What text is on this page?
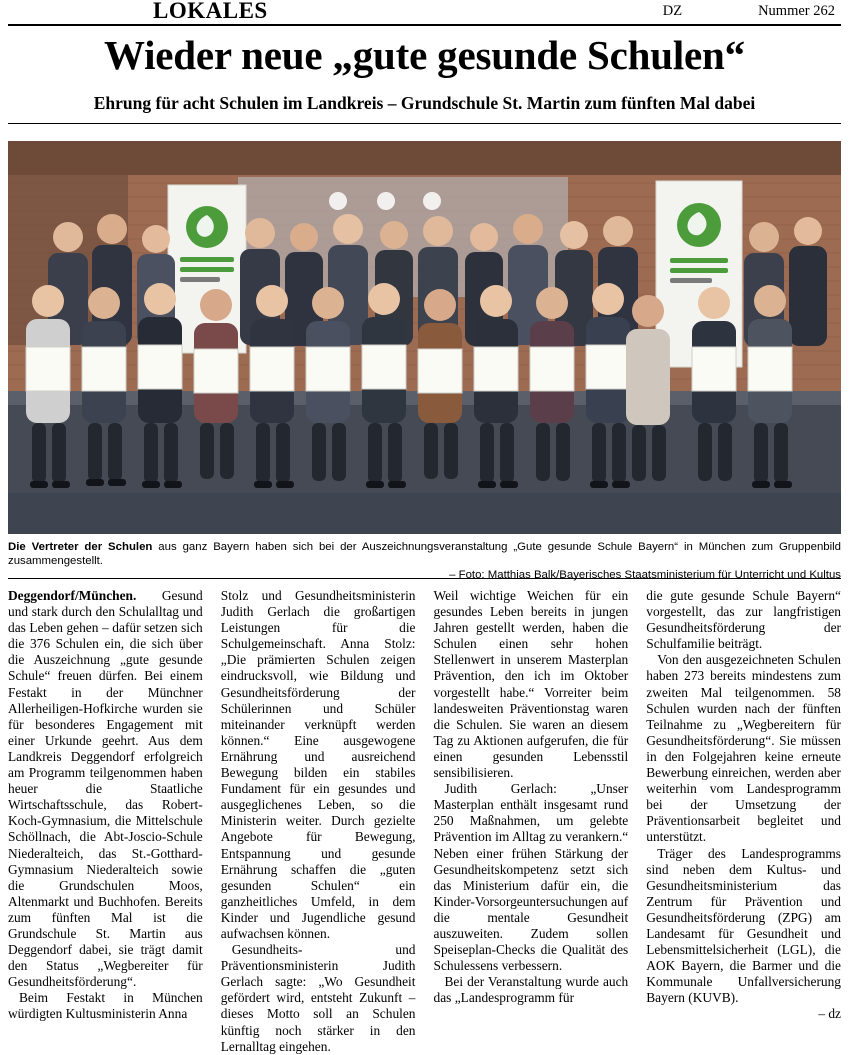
LOKALES	DZ	Nummer 262
Wieder neue „gute gesunde Schulen“
Ehrung für acht Schulen im Landkreis – Grundschule St. Martin zum fünften Mal dabei
Die Vertreter der Schulen aus ganz Bayern haben sich bei der Auszeichnungsveranstaltung „Gute gesunde Schule Bayern“ in München zum Gruppenbild zusammengestellt.
– Foto: Matthias Balk/Bayerisches Staatsministerium für Unterricht und Kultus

Deggendorf/München. Gesund und stark durch den Schulalltag und das Leben gehen – dafür setzen sich die 376 Schulen ein, die sich über die Auszeichnung „gute gesunde Schule“ freuen dürfen. Bei einem Festakt in der Münchner Allerheiligen-Hofkirche wurden sie für besonderes Engagement mit einer Urkunde geehrt. Aus dem Landkreis Deggendorf erfolgreich am Programm teilgenommen haben heuer die Staatliche Wirtschaftsschule, das Robert-Koch-Gymnasium, die Mittelschule Schöllnach, die Abt-Joscio-Schule Niederalteich, das St.-Gotthard-Gymnasium Niederalteich sowie die Grundschulen Moos, Altenmarkt und Buchhofen. Bereits zum fünften Mal ist die Grundschule St. Martin aus Deggendorf dabei, sie trägt damit den Status „Wegbereiter für Gesundheitsförderung“.

Beim Festakt in München würdigten Kultusministerin Anna

Stolz und Gesundheitsministerin Judith Gerlach die großartigen Leistungen für die Schulgemeinschaft. Anna Stolz: „Die prämierten Schulen zeigen eindrucksvoll, wie Bildung und Gesundheitsförderung der Schülerinnen und Schüler miteinander verknüpft werden können.“ Eine ausgewogene Ernährung und ausreichend Bewegung bilden ein stabiles Fundament für ein gesundes und ausgeglichenes Leben, so die Ministerin weiter. Durch gezielte Angebote für Bewegung, Entspannung und gesunde Ernährung schaffen die „guten gesunden Schulen“ ein ganzheitliches Umfeld, in dem Kinder und Jugendliche gesund aufwachsen können.

Gesundheits- und Präventionsministerin Judith Gerlach sagte: „Wo Gesundheit gefördert wird, entsteht Zukunft – dieses Motto soll an Schulen künftig noch stärker in den Lernalltag eingehen.

Weil wichtige Weichen für ein gesundes Leben bereits in jungen Jahren gestellt werden, haben die Schulen einen sehr hohen Stellenwert in unserem Masterplan Prävention, den ich im Oktober vorgestellt habe.“ Vorreiter beim landesweiten Präventionstag waren die Schulen. Sie waren an diesem Tag zu Aktionen aufgerufen, die für einen gesunden Lebensstil sensibilisieren.

Judith Gerlach: „Unser Masterplan enthält insgesamt rund 250 Maßnahmen, um gelebte Prävention im Alltag zu verankern.“ Neben einer frühen Stärkung der Gesundheitskompetenz setzt sich das Ministerium dafür ein, die Kinder-Vorsorgeuntersuchungen auf die mentale Gesundheit auszuweiten. Zudem sollen Speiseplan-Checks die Qualität des Schulessens verbessern.

Bei der Veranstaltung wurde auch das „Landesprogramm für

die gute gesunde Schule Bayern“ vorgestellt, das zur langfristigen Gesundheitsförderung der Schulfamilie beiträgt.

Von den ausgezeichneten Schulen haben 273 bereits mindestens zum zweiten Mal teilgenommen. 58 Schulen wurden nach der fünften Teilnahme zu „Wegbereitern für Gesundheitsförderung“. Sie müssen in den Folgejahren keine erneute Bewerbung einreichen, werden aber weiterhin vom Landesprogramm bei der Umsetzung der Präventionsarbeit begleitet und unterstützt.

Träger des Landesprogramms sind neben dem Kultus- und Gesundheitsministerium das Zentrum für Prävention und Gesundheitsförderung (ZPG) am Landesamt für Gesundheit und Lebensmittelsicherheit (LGL), die AOK Bayern, die Barmer und die Kommunale Unfallversicherung Bayern (KUVB).

– dz
